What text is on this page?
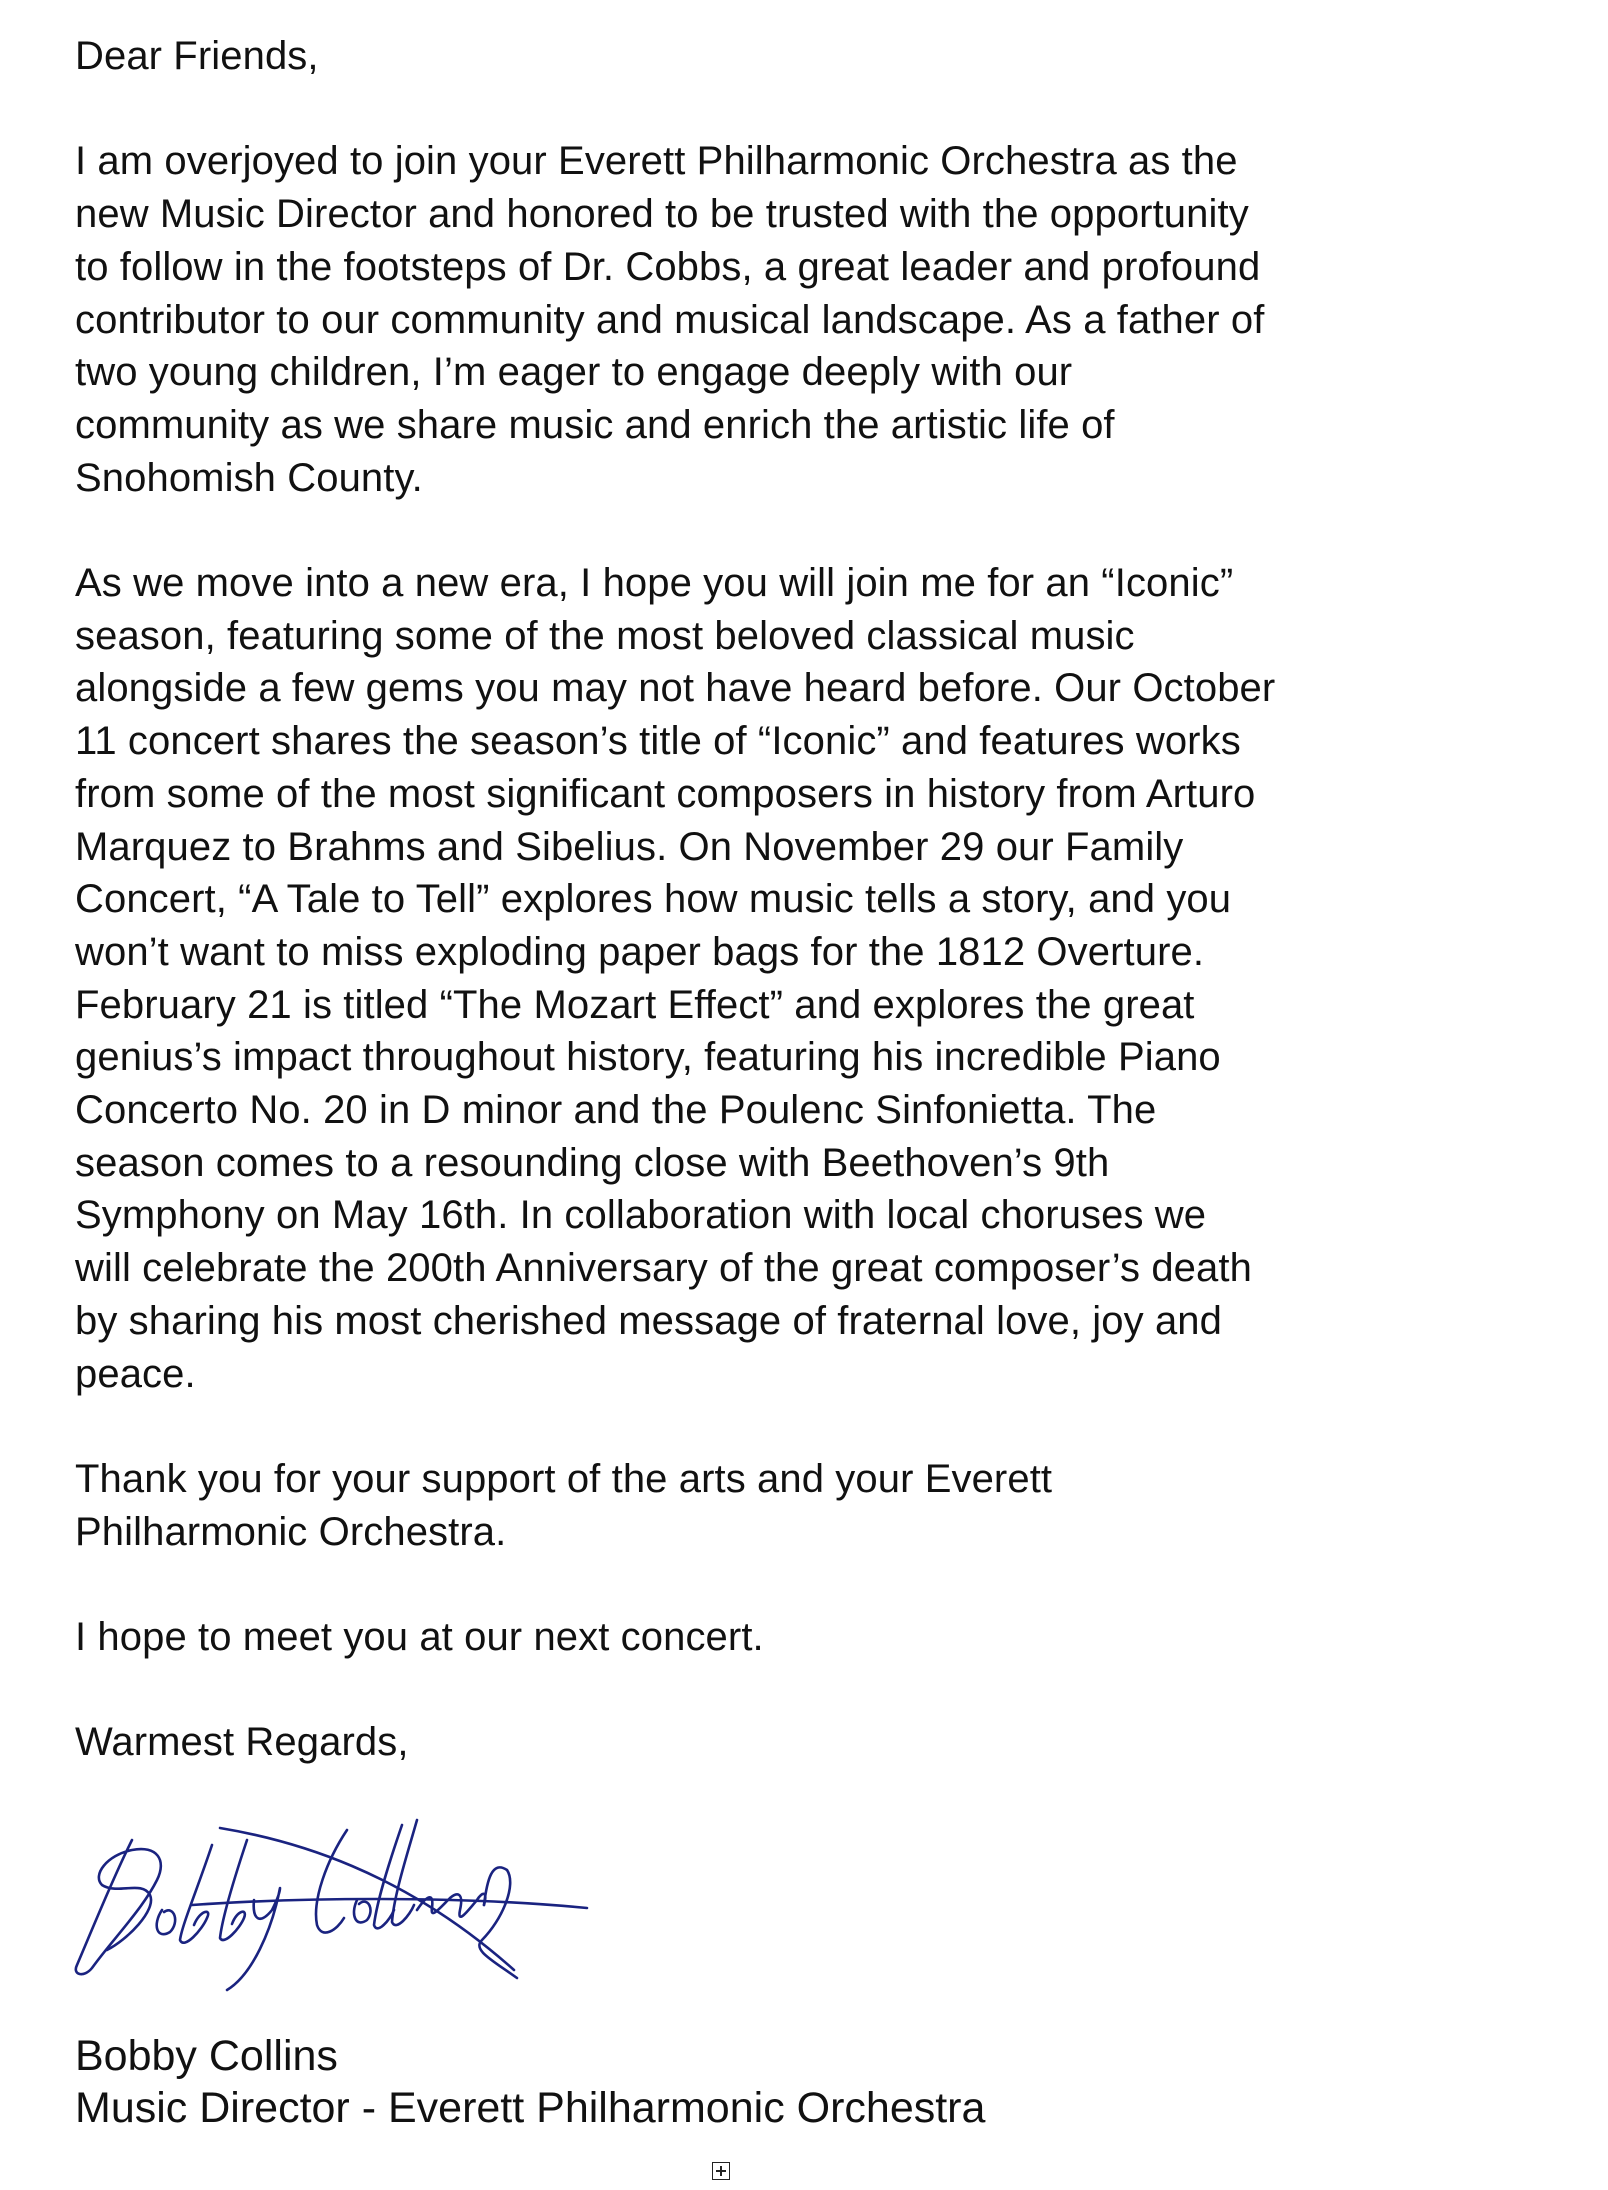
Dear Friends,

I am overjoyed to join your Everett Philharmonic Orchestra as the
new Music Director and honored to be trusted with the opportunity
to follow in the footsteps of Dr. Cobbs, a great leader and profound
contributor to our community and musical landscape. As a father of
two young children, I’m eager to engage deeply with our
community as we share music and enrich the artistic life of
Snohomish County.

As we move into a new era, I hope you will join me for an “Iconic”
season, featuring some of the most beloved classical music
alongside a few gems you may not have heard before. Our October
11 concert shares the season’s title of “Iconic” and features works
from some of the most significant composers in history from Arturo
Marquez to Brahms and Sibelius. On November 29 our Family
Concert, “A Tale to Tell” explores how music tells a story, and you
won’t want to miss exploding paper bags for the 1812 Overture.
February 21 is titled “The Mozart Effect” and explores the great
genius’s impact throughout history, featuring his incredible Piano
Concerto No. 20 in D minor and the Poulenc Sinfonietta. The
season comes to a resounding close with Beethoven’s 9th
Symphony on May 16th. In collaboration with local choruses we
will celebrate the 200th Anniversary of the great composer’s death
by sharing his most cherished message of fraternal love, joy and
peace.

Thank you for your support of the arts and your Everett
Philharmonic Orchestra.

I hope to meet you at our next concert.

Warmest Regards,

Bobby Collins
Music Director - Everett Philharmonic Orchestra
